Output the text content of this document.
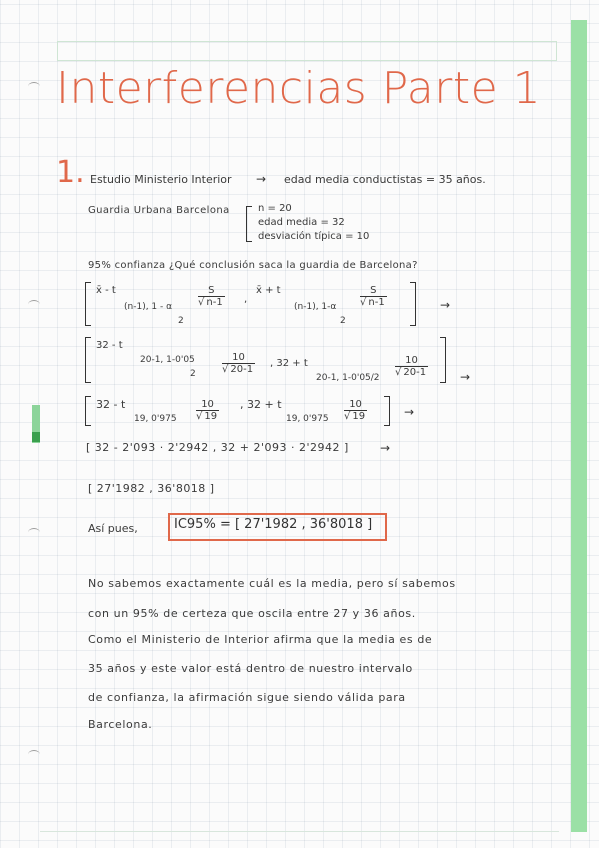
Interferencias Parte 1
1. Estudio Ministerio Interior → edad media conductistas = 35 años.
Guardia Urbana Barcelona	n = 20
edad media = 32
desviación típica = 10
95% confianza ¿Qué conclusión saca la guardia de Barcelona?
x̄ - t
(n-1), 1 - α
2
$\frac{S}{√ n-1}$ ,
x̄ + t
(n-1), 1-α
2
$\frac{S}{√ n-1}$	→
32 - t
20-1, 1-0'05
2	$\frac{10}{√ 20-1}$ , 32 + t
20-1, $1-0'05/2 \frac{10}{√ 20-1}$	→
32 - t
19, $0'975 \frac{10}{√ 19}$ , 32 + t
19, $0'975 \frac{10}{√ 19}$	→
[ 32 - 2'093 · 2'2942 , 32 + 2'093 · 2'2942 ]	→
[ 27'1982 , 36'8018 ]
Así pues,	IC95% = [ 27'1982 , 36'8018 ]
No sabemos exactamente cuál es la media, pero sí sabemos
con un 95% de certeza que oscila entre 27 y 36 años.
Como el Ministerio de Interior afirma que la media es de
35 años y este valor está dentro de nuestro intervalo
de confianza, la afirmación sigue siendo válida para
Barcelona.
